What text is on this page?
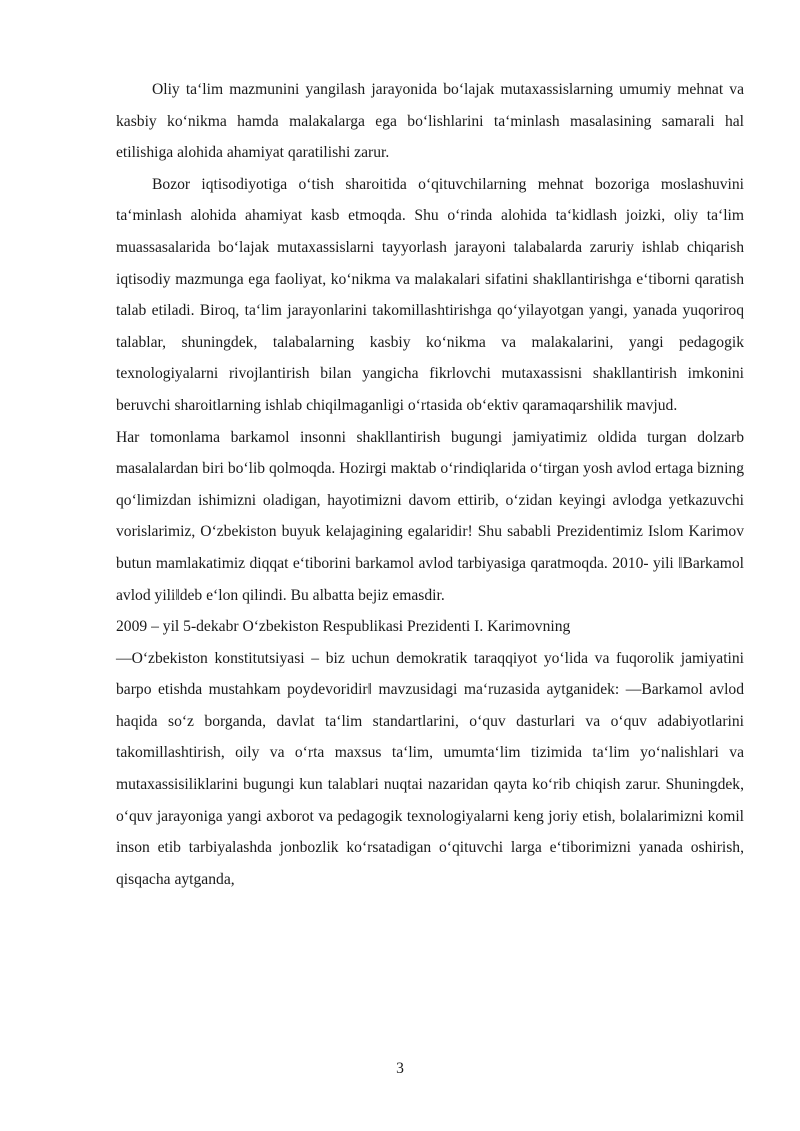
Oliy ta‘lim mazmunini yangilash jarayonida bo‘lajak mutaxassislarning umumiy mehnat va kasbiy ko‘nikma hamda malakalarga ega bo‘lishlarini ta‘minlash masalasining samarali hal etilishiga alohida ahamiyat qaratilishi zarur.

Bozor iqtisodiyotiga o‘tish sharoitida o‘qituvchilarning mehnat bozoriga moslashuvini ta‘minlash alohida ahamiyat kasb etmoqda. Shu o‘rinda alohida ta‘kidlash joizki, oliy ta‘lim muassasalarida bo‘lajak mutaxassislarni tayyorlash jarayoni talabalarda zaruriy ishlab chiqarish iqtisodiy mazmunga ega faoliyat, ko‘nikma va malakalari sifatini shakllantirishga e‘tiborni qaratish talab etiladi. Biroq, ta‘lim jarayonlarini takomillashtirishga qo‘yilayotgan yangi, yanada yuqoriroq talablar, shuningdek, talabalarning kasbiy ko‘nikma va malakalarini, yangi pedagogik texnologiyalarni rivojlantirish bilan yangicha fikrlovchi mutaxassisni shakllantirish imkonini beruvchi sharoitlarning ishlab chiqilmaganligi o‘rtasida ob‘ektiv qaramaqarshilik mavjud.

Har tomonlama barkamol insonni shakllantirish bugungi jamiyatimiz oldida turgan dolzarb masalalardan biri bo‘lib qolmoqda. Hozirgi maktab o‘rindiqlarida o‘tirgan yosh avlod ertaga bizning qo‘limizdan ishimizni oladigan, hayotimizni davom ettirib, o‘zidan keyingi avlodga yetkazuvchi vorislarimiz, O‘zbekiston buyuk kelajagining egalaridir! Shu sababli Prezidentimiz Islom Karimov butun mamlakatimiz diqqat e‘tiborini barkamol avlod tarbiyasiga qaratmoqda. 2010- yili ‖Barkamol avlod yili‖deb e‘lon qilindi. Bu albatta bejiz emasdir.

2009 – yil 5-dekabr O‘zbekiston Respublikasi Prezidenti I. Karimovning

―O‘zbekiston konstitutsiyasi – biz uchun demokratik taraqqiyot yo‘lida va fuqorolik jamiyatini barpo etishda mustahkam poydevoridir‖ mavzusidagi ma‘ruzasida aytganidek: ―Barkamol avlod haqida so‘z borganda, davlat ta‘lim standartlarini, o‘quv dasturlari va o‘quv adabiyotlarini takomillashtirish, oily va o‘rta maxsus ta‘lim, umumta‘lim tizimida ta‘lim yo‘nalishlari va mutaxassisiliklarini bugungi kun talablari nuqtai nazaridan qayta ko‘rib chiqish zarur. Shuningdek, o‘quv jarayoniga yangi axborot va pedagogik texnologiyalarni keng joriy etish, bolalarimizni komil inson etib tarbiyalashda jonbozlik ko‘rsatadigan o‘qituvchi larga e‘tiborimizni yanada oshirish, qisqacha aytganda,

3
